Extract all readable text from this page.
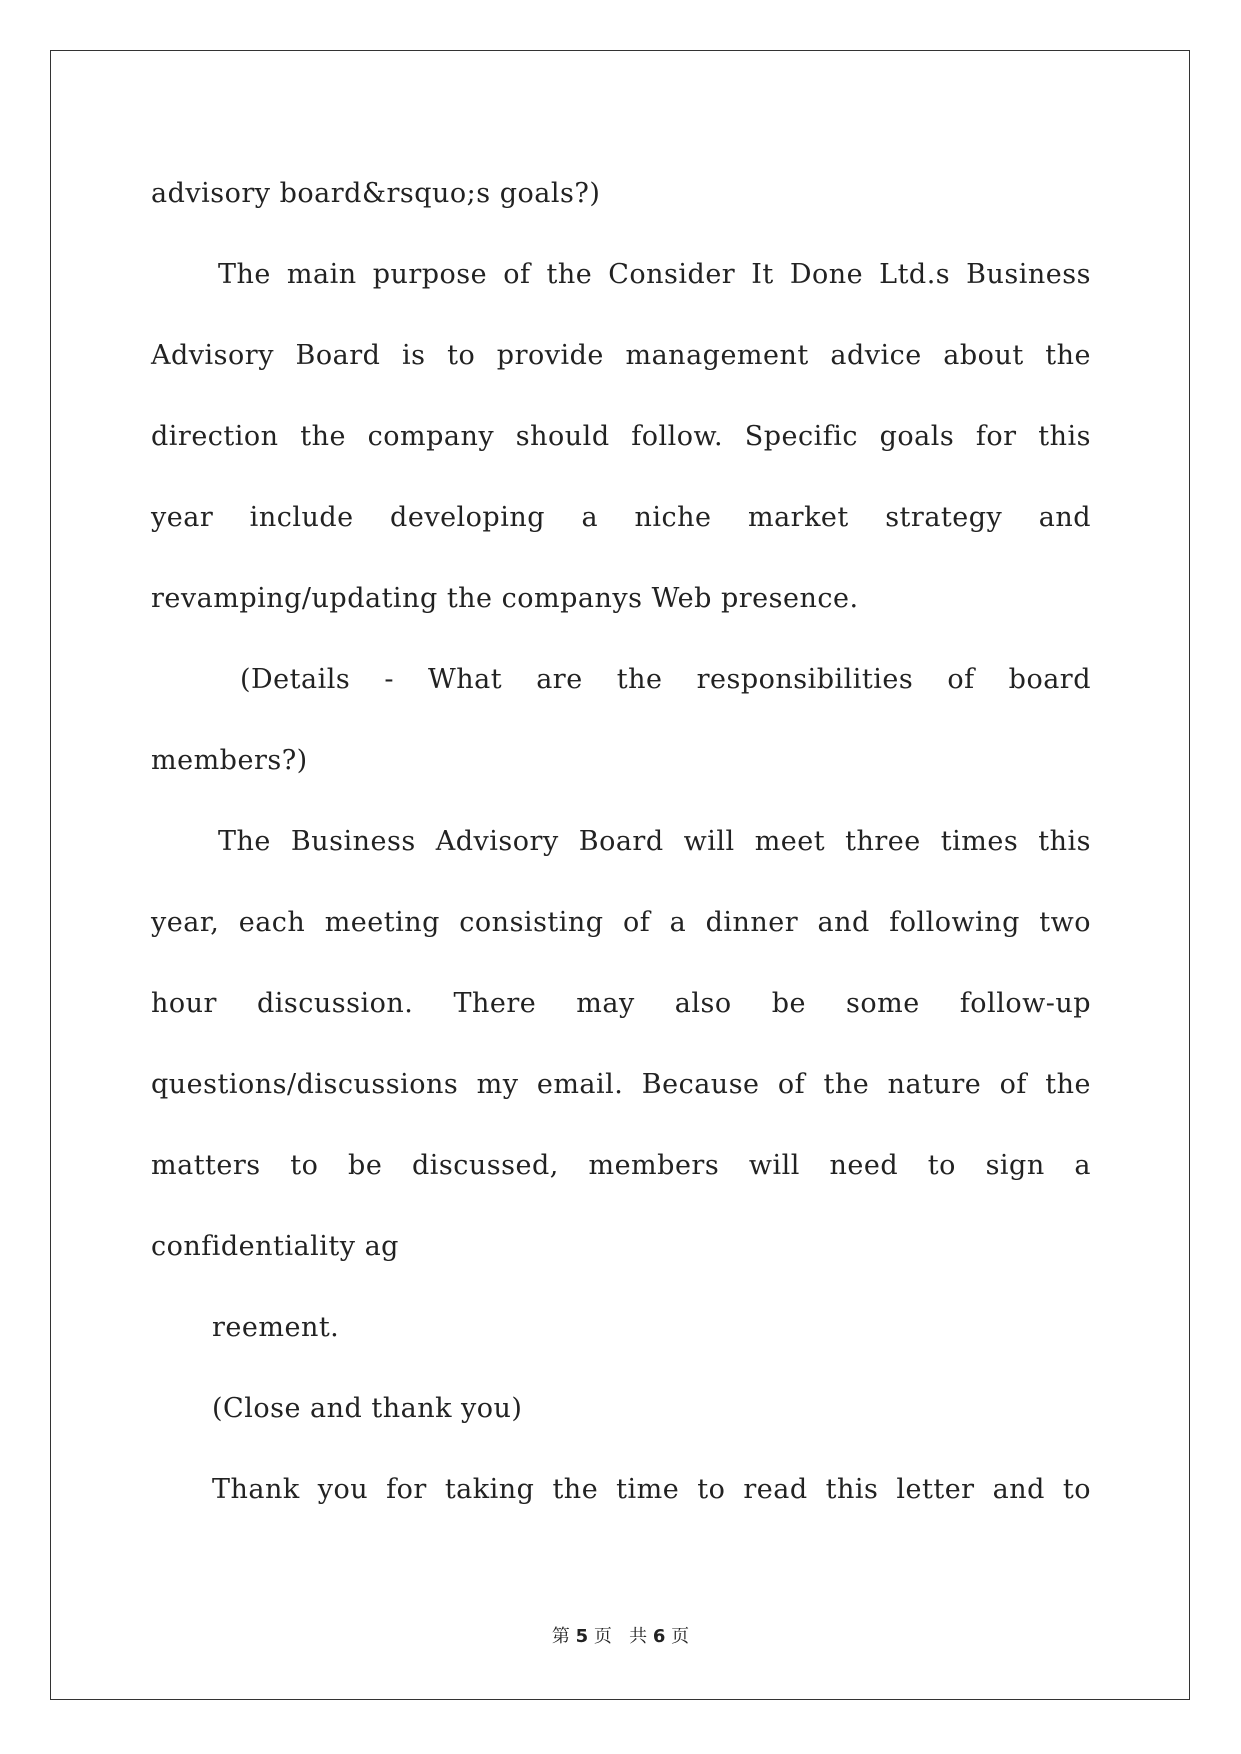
advisory board&rsquo;s goals?)
The main purpose of the Consider It Done Ltd.s Business
Advisory Board is to provide management advice about the
direction the company should follow. Specific goals for this
year include developing a niche market strategy and
revamping/updating the companys Web presence.
(Details - What are the responsibilities of board
members?)
The Business Advisory Board will meet three times this
year, each meeting consisting of a dinner and following two
hour discussion. There may also be some follow-up
questions/discussions my email. Because of the nature of the
matters to be discussed, members will need to sign a
confidentiality ag
reement.
(Close and thank you)
Thank you for taking the time to read this letter and to
第 5 页   共 6 页
